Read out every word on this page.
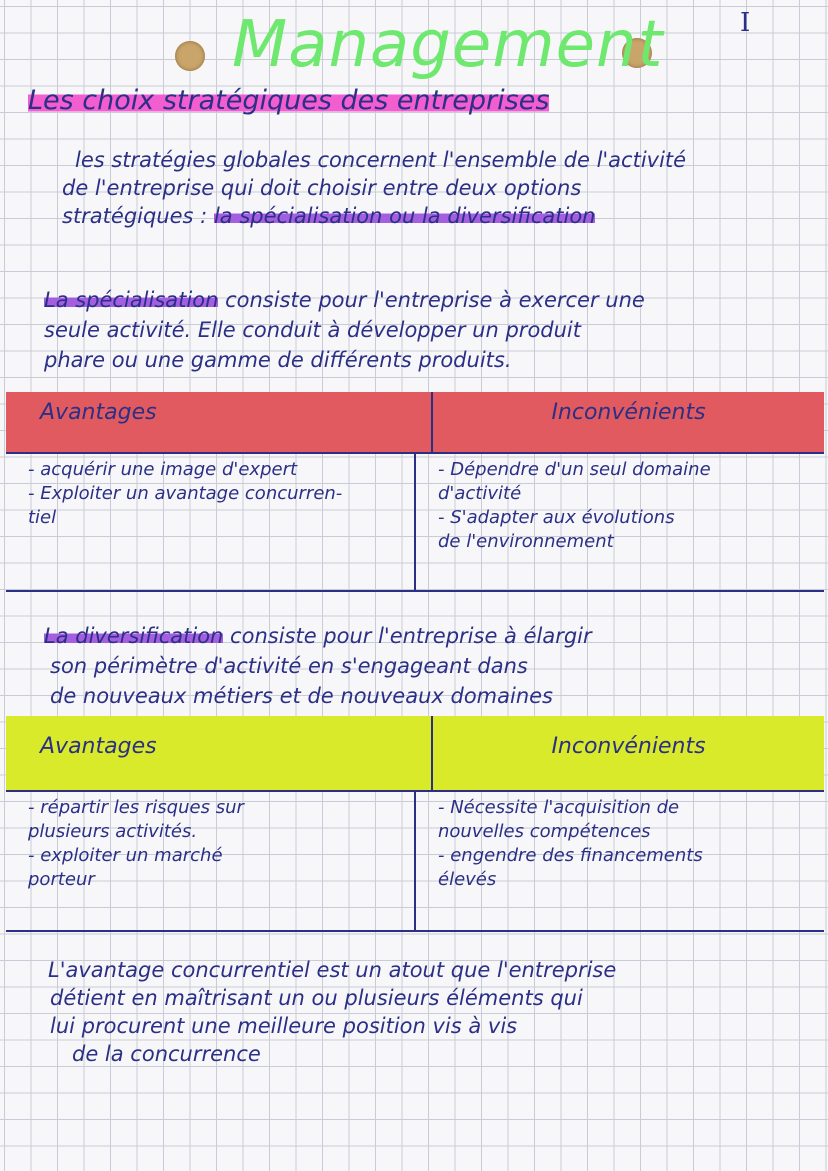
I
Management
Les choix stratégiques des entreprises
les stratégies globales concernent l'ensemble de l'activité
de l'entreprise qui doit choisir entre deux options
stratégiques : la spécialisation ou la diversification
La spécialisation consiste pour l'entreprise à exercer une
seule activité. Elle conduit à développer un produit
phare ou une gamme de différents produits.
Avantages	Inconvénients
- acquérir une image d'expert
- Exploiter un avantage concurren-
tiel
- Dépendre d'un seul domaine
d'activité
- S'adapter aux évolutions
de l'environnement
La diversification consiste pour l'entreprise à élargir
son périmètre d'activité en s'engageant dans
de nouveaux métiers et de nouveaux domaines
Avantages	Inconvénients
- répartir les risques sur
plusieurs activités.
- exploiter un marché
porteur
- Nécessite l'acquisition de
nouvelles compétences
- engendre des financements
élevés
L'avantage concurrentiel est un atout que l'entreprise
détient en maîtrisant un ou plusieurs éléments qui
lui procurent une meilleure position vis à vis
de la concurrence
